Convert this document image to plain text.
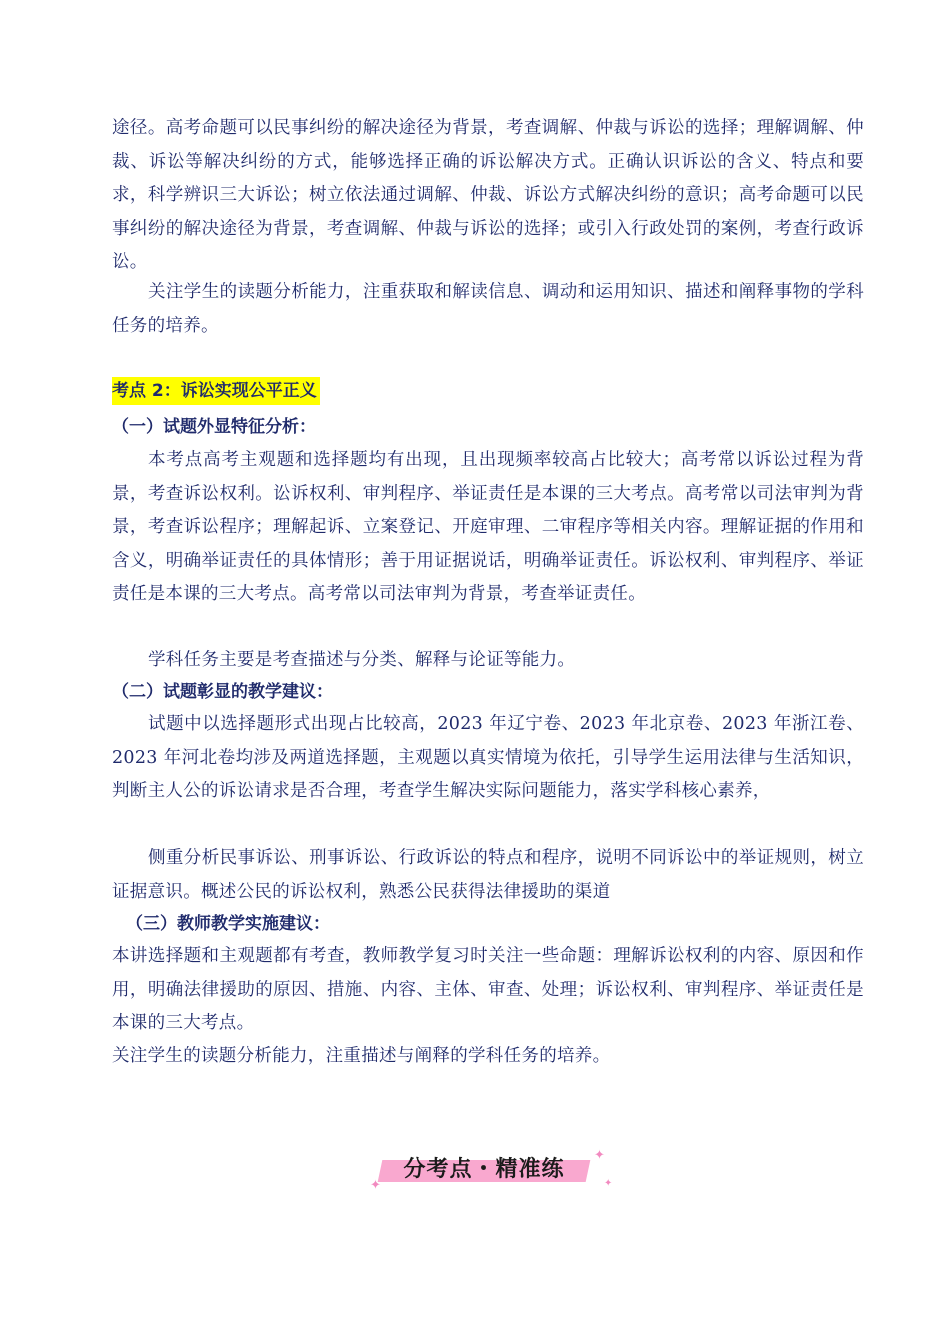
途径。高考命题可以民事纠纷的解决途径为背景，考查调解、仲裁与诉讼的选择；理解调解、仲裁、诉讼等解决纠纷的方式，能够选择正确的诉讼解决方式。正确认识诉讼的含义、特点和要求，科学辨识三大诉讼；树立依法通过调解、仲裁、诉讼方式解决纠纷的意识；高考命题可以民事纠纷的解决途径为背景，考查调解、仲裁与诉讼的选择；或引入行政处罚的案例，考查行政诉讼。

关注学生的读题分析能力，注重获取和解读信息、调动和运用知识、描述和阐释事物的学科任务的培养。

考点 2：诉讼实现公平正义
（一）试题外显特征分析：

本考点高考主观题和选择题均有出现，且出现频率较高占比较大；高考常以诉讼过程为背景，考查诉讼权利。讼诉权利、审判程序、举证责任是本课的三大考点。高考常以司法审判为背景，考查诉讼程序；理解起诉、立案登记、开庭审理、二审程序等相关内容。理解证据的作用和含义，明确举证责任的具体情形；善于用证据说话，明确举证责任。诉讼权利、审判程序、举证责任是本课的三大考点。高考常以司法审判为背景，考查举证责任。

学科任务主要是考查描述与分类、解释与论证等能力。

（二）试题彰显的教学建议：

试题中以选择题形式出现占比较高，2023 年辽宁卷、2023 年北京卷、2023 年浙江卷、2023 年河北卷均涉及两道选择题，主观题以真实情境为依托，引导学生运用法律与生活知识，判断主人公的诉讼请求是否合理，考查学生解决实际问题能力，落实学科核心素养，

侧重分析民事诉讼、刑事诉讼、行政诉讼的特点和程序，说明不同诉讼中的举证规则，树立证据意识。概述公民的诉讼权利，熟悉公民获得法律援助的渠道

（三）教师教学实施建议：

本讲选择题和主观题都有考查，教师教学复习时关注一些命题：理解诉讼权利的内容、原因和作用，明确法律援助的原因、措施、内容、主体、审查、处理；诉讼权利、审判程序、举证责任是本课的三大考点。

关注学生的读题分析能力，注重描述与阐释的学科任务的培养。

分考点・精准练
✦
✦
✦
